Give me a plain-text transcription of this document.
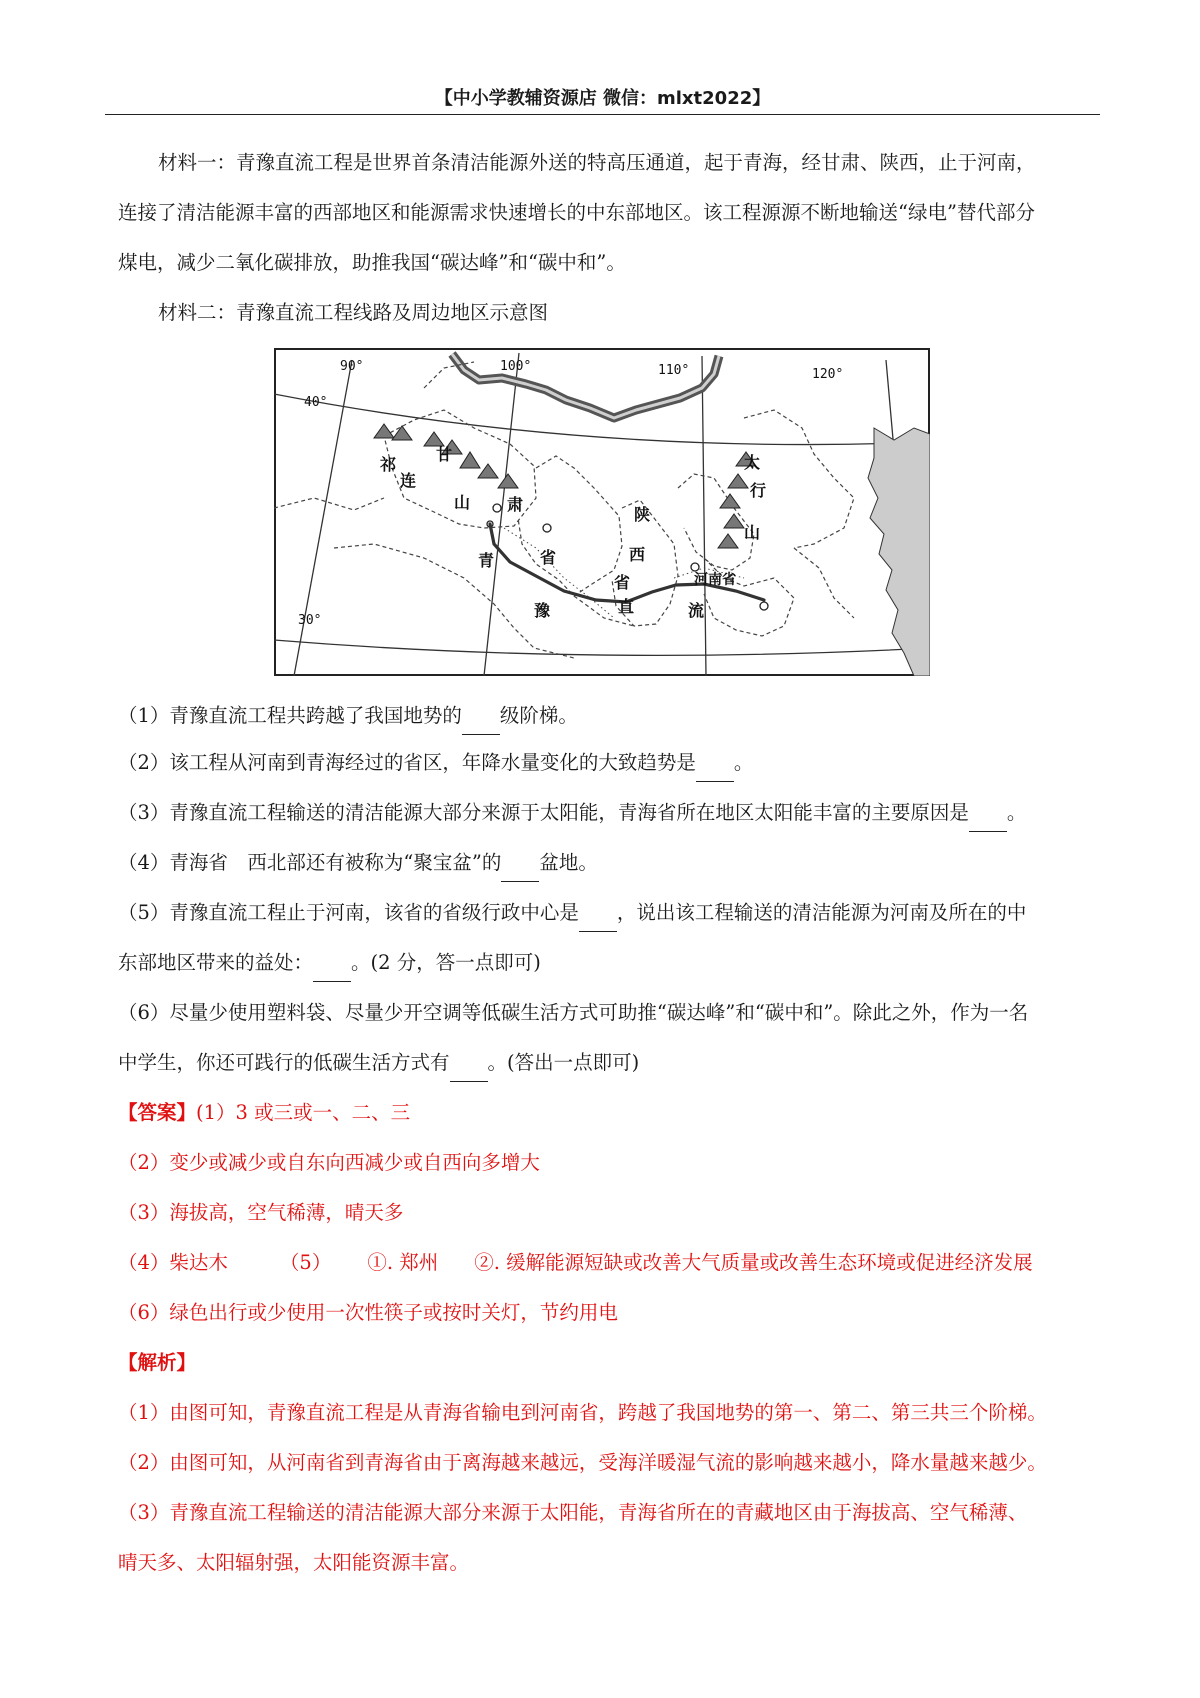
【中小学教辅资源店 微信：mlxt2022】

材料一：青豫直流工程是世界首条清洁能源外送的特高压通道，起于青海，经甘肃、陕西，止于河南，

连接了清洁能源丰富的西部地区和能源需求快速增长的中东部地区。该工程源源不断地输送“绿电”替代部分

煤电，减少二氧化碳排放，助推我国“碳达峰”和“碳中和”。

材料二：青豫直流工程线路及周边地区示意图

90°	100°	110°	120°
40°
30°
祁
连
山
甘
肃
陕
西
省
省
太
行
山
青
豫	直	流
河南省

（1）青豫直流工程共跨越了我国地势的 级阶梯。

（2）该工程从河南到青海经过的省区，年降水量变化的大致趋势是 。

（3）青豫直流工程输送的清洁能源大部分来源于太阳能，青海省所在地区太阳能丰富的主要原因是 。

（4）青海省　西北部还有被称为“聚宝盆”的 盆地。

（5）青豫直流工程止于河南，该省的省级行政中心是 ，说出该工程输送的清洁能源为河南及所在的中

东部地区带来的益处： 。(2 分，答一点即可)

（6）尽量少使用塑料袋、尽量少开空调等低碳生活方式可助推“碳达峰”和“碳中和”。除此之外，作为一名

中学生，你还可践行的低碳生活方式有 。(答出一点即可)

【答案】(1）3 或三或一、二、三

（2）变少或减少或自东向西减少或自西向多增大

（3）海拔高，空气稀薄，晴天多

（4）柴达木	（5） ①. 郑州 ②. 缓解能源短缺或改善大气质量或改善生态环境或促进经济发展

（6）绿色出行或少使用一次性筷子或按时关灯，节约用电

【解析】

（1）由图可知，青豫直流工程是从青海省输电到河南省，跨越了我国地势的第一、第二、第三共三个阶梯。

（2）由图可知，从河南省到青海省由于离海越来越远，受海洋暖湿气流的影响越来越小，降水量越来越少。

（3）青豫直流工程输送的清洁能源大部分来源于太阳能，青海省所在的青藏地区由于海拔高、空气稀薄、

晴天多、太阳辐射强，太阳能资源丰富。
